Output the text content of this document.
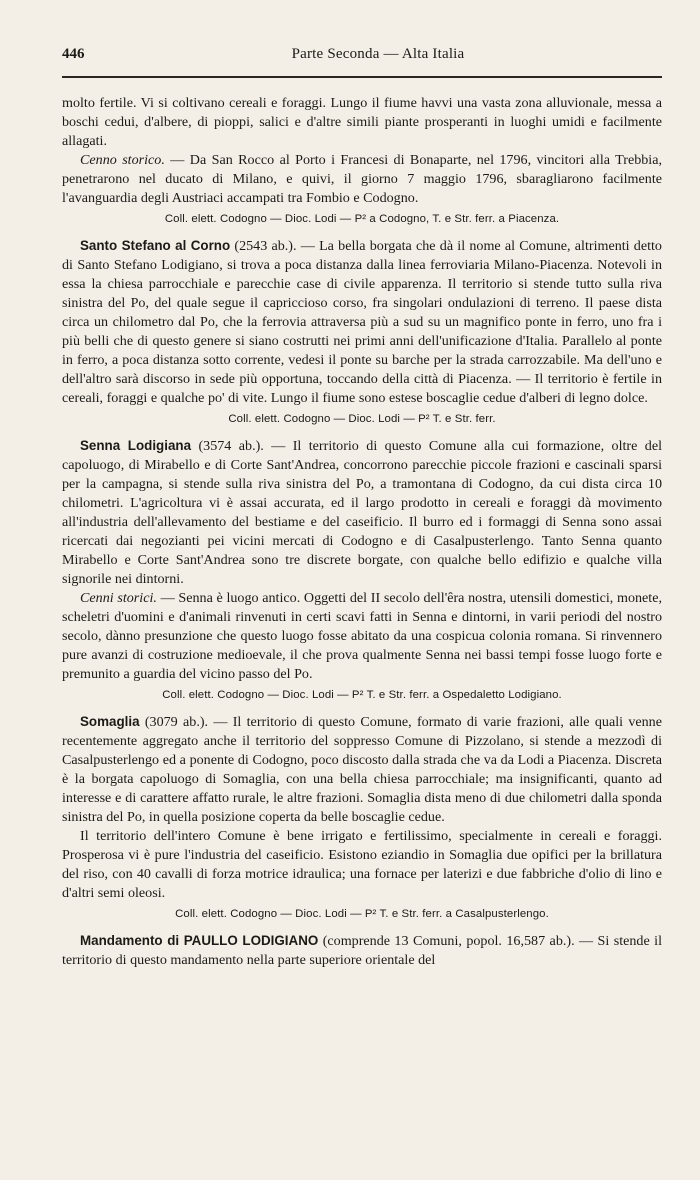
446	Parte Seconda — Alta Italia

molto fertile. Vi si coltivano cereali e foraggi. Lungo il fiume havvi una vasta zona alluvionale, messa a boschi cedui, d'albere, di pioppi, salici e d'altre simili piante prosperanti in luoghi umidi e facilmente allagati.

Cenno storico. — Da San Rocco al Porto i Francesi di Bonaparte, nel 1796, vincitori alla Trebbia, penetrarono nel ducato di Milano, e quivi, il giorno 7 maggio 1796, sbaragliarono facilmente l'avanguardia degli Austriaci accampati tra Fombio e Codogno.

Coll. elett. Codogno — Dioc. Lodi — P² a Codogno, T. e Str. ferr. a Piacenza.

Santo Stefano al Corno (2543 ab.). — La bella borgata che dà il nome al Comune, altrimenti detto di Santo Stefano Lodigiano, si trova a poca distanza dalla linea ferroviaria Milano-Piacenza. Notevoli in essa la chiesa parrocchiale e parecchie case di civile apparenza. Il territorio si stende tutto sulla riva sinistra del Po, del quale segue il capriccioso corso, fra singolari ondulazioni di terreno. Il paese dista circa un chilometro dal Po, che la ferrovia attraversa più a sud su un magnifico ponte in ferro, uno fra i più belli che di questo genere si siano costrutti nei primi anni dell'unificazione d'Italia. Parallelo al ponte in ferro, a poca distanza sotto corrente, vedesi il ponte su barche per la strada carrozzabile. Ma dell'uno e dell'altro sarà discorso in sede più opportuna, toccando della città di Piacenza. — Il territorio è fertile in cereali, foraggi e qualche po' di vite. Lungo il fiume sono estese boscaglie cedue d'alberi di legno dolce.

Coll. elett. Codogno — Dioc. Lodi — P² T. e Str. ferr.

Senna Lodigiana (3574 ab.). — Il territorio di questo Comune alla cui formazione, oltre del capoluogo, di Mirabello e di Corte Sant'Andrea, concorrono parecchie piccole frazioni e cascinali sparsi per la campagna, si stende sulla riva sinistra del Po, a tramontana di Codogno, da cui dista circa 10 chilometri. L'agricoltura vi è assai accurata, ed il largo prodotto in cereali e foraggi dà movimento all'industria dell'allevamento del bestiame e del caseificio. Il burro ed i formaggi di Senna sono assai ricercati dai negozianti pei vicini mercati di Codogno e di Casalpusterlengo. Tanto Senna quanto Mirabello e Corte Sant'Andrea sono tre discrete borgate, con qualche bello edifizio e qualche villa signorile nei dintorni.

Cenni storici. — Senna è luogo antico. Oggetti del II secolo dell'êra nostra, utensili domestici, monete, scheletri d'uomini e d'animali rinvenuti in certi scavi fatti in Senna e dintorni, in varii periodi del nostro secolo, dànno presunzione che questo luogo fosse abitato da una cospicua colonia romana. Si rinvennero pure avanzi di costruzione medioevale, il che prova qualmente Senna nei bassi tempi fosse luogo forte e premunito a guardia del vicino passo del Po.

Coll. elett. Codogno — Dioc. Lodi — P² T. e Str. ferr. a Ospedaletto Lodigiano.

Somaglia (3079 ab.). — Il territorio di questo Comune, formato di varie frazioni, alle quali venne recentemente aggregato anche il territorio del soppresso Comune di Pizzolano, si stende a mezzodì di Casalpusterlengo ed a ponente di Codogno, poco discosto dalla strada che va da Lodi a Piacenza. Discreta è la borgata capoluogo di Somaglia, con una bella chiesa parrocchiale; ma insignificanti, quanto ad interesse e di carattere affatto rurale, le altre frazioni. Somaglia dista meno di due chilometri dalla sponda sinistra del Po, in quella posizione coperta da belle boscaglie cedue.

Il territorio dell'intero Comune è bene irrigato e fertilissimo, specialmente in cereali e foraggi. Prosperosa vi è pure l'industria del caseificio. Esistono eziandio in Somaglia due opifici per la brillatura del riso, con 40 cavalli di forza motrice idraulica; una fornace per laterizi e due fabbriche d'olio di lino e d'altri semi oleosi.

Coll. elett. Codogno — Dioc. Lodi — P² T. e Str. ferr. a Casalpusterlengo.

Mandamento di PAULLO LODIGIANO (comprende 13 Comuni, popol. 16,587 ab.). — Si stende il territorio di questo mandamento nella parte superiore orientale del
